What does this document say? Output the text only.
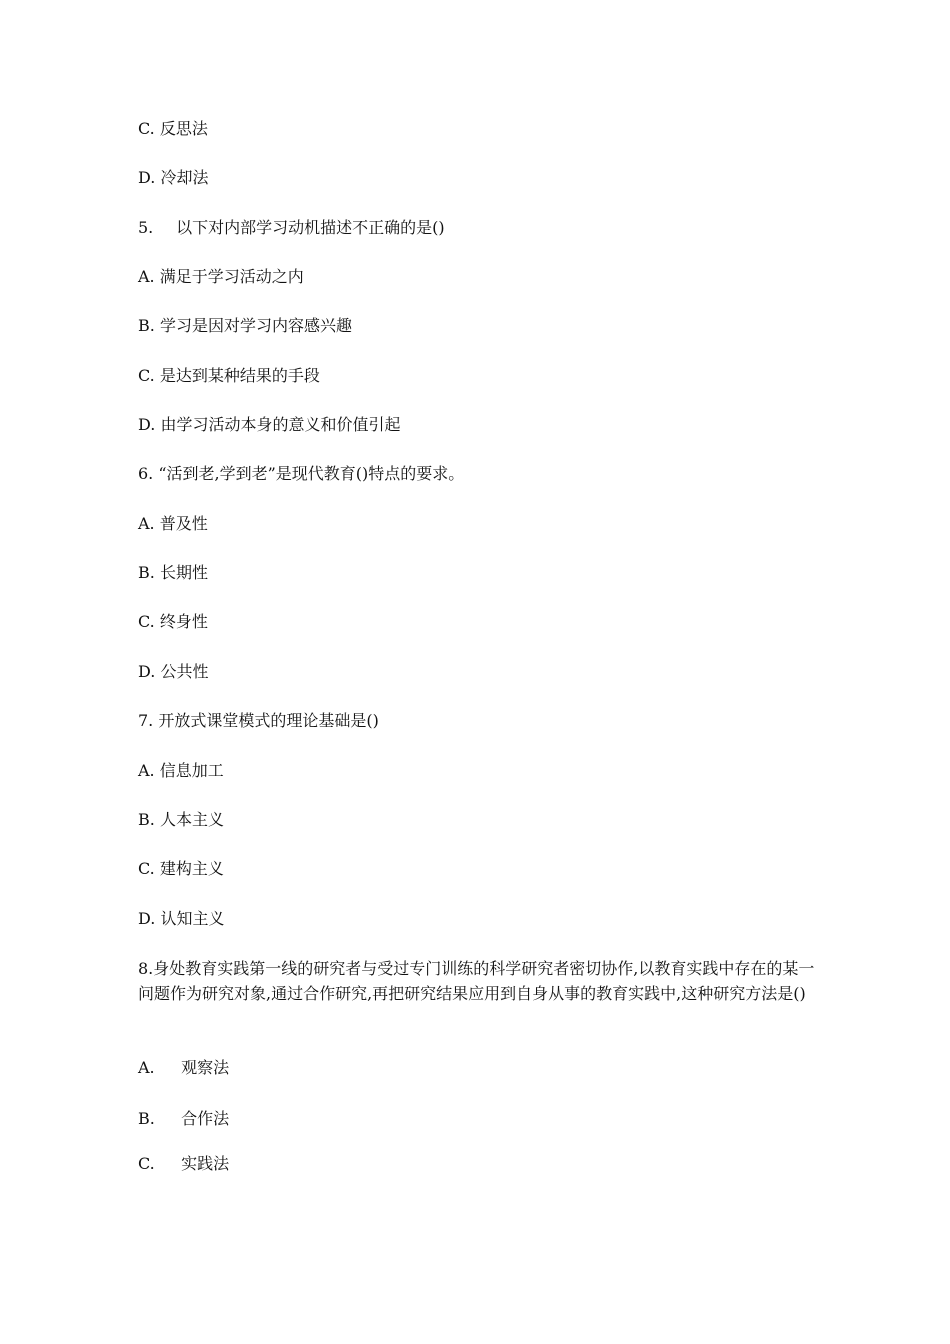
C. 反思法

D. 冷却法

5. 以下对内部学习动机描述不正确的是()

A. 满足于学习活动之内

B. 学习是因对学习内容感兴趣

C. 是达到某种结果的手段

D. 由学习活动本身的意义和价值引起

6. “活到老,学到老”是现代教育()特点的要求。

A. 普及性

B. 长期性

C. 终身性

D. 公共性

7. 开放式课堂模式的理论基础是()

A. 信息加工

B. 人本主义

C. 建构主义

D. 认知主义

8.身处教育实践第一线的研究者与受过专门训练的科学研究者密切协作,以教育实践中存在的某一问题作为研究对象,通过合作研究,再把研究结果应用到自身从事的教育实践中,这种研究方法是()

A. 观察法

B. 合作法

C. 实践法
